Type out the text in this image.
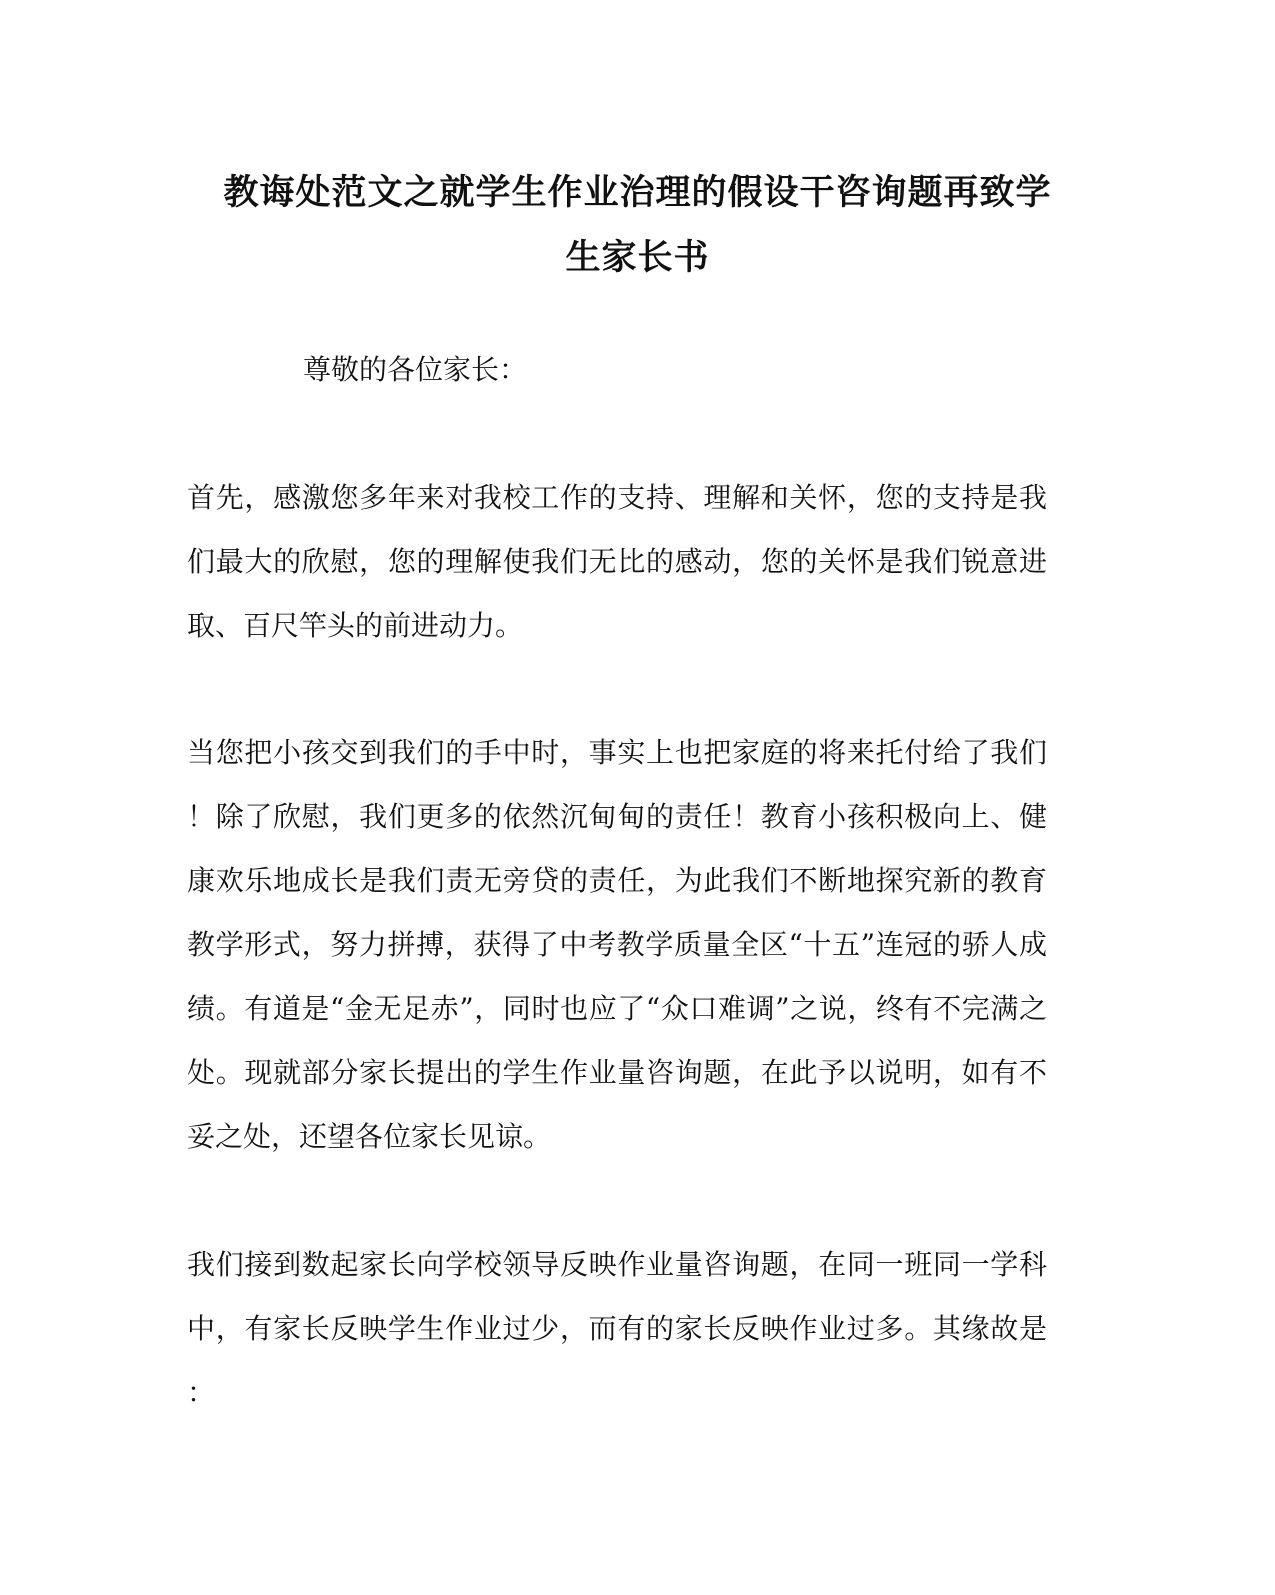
教诲处范文之就学生作业治理的假设干咨询题再致学
生家长书
尊敬的各位家长：
首先，感激您多年来对我校工作的支持、理解和关怀，您的支持是我
们最大的欣慰，您的理解使我们无比的感动，您的关怀是我们锐意进
取、百尺竿头的前进动力。
当您把小孩交到我们的手中时，事实上也把家庭的将来托付给了我们
！除了欣慰，我们更多的依然沉甸甸的责任！教育小孩积极向上、健
康欢乐地成长是我们责无旁贷的责任，为此我们不断地探究新的教育
教学形式，努力拼搏，获得了中考教学质量全区“十五”连冠的骄人成
绩。有道是“金无足赤”，同时也应了“众口难调”之说，终有不完满之
处。现就部分家长提出的学生作业量咨询题，在此予以说明，如有不
妥之处，还望各位家长见谅。
我们接到数起家长向学校领导反映作业量咨询题，在同一班同一学科
中，有家长反映学生作业过少，而有的家长反映作业过多。其缘故是
：
